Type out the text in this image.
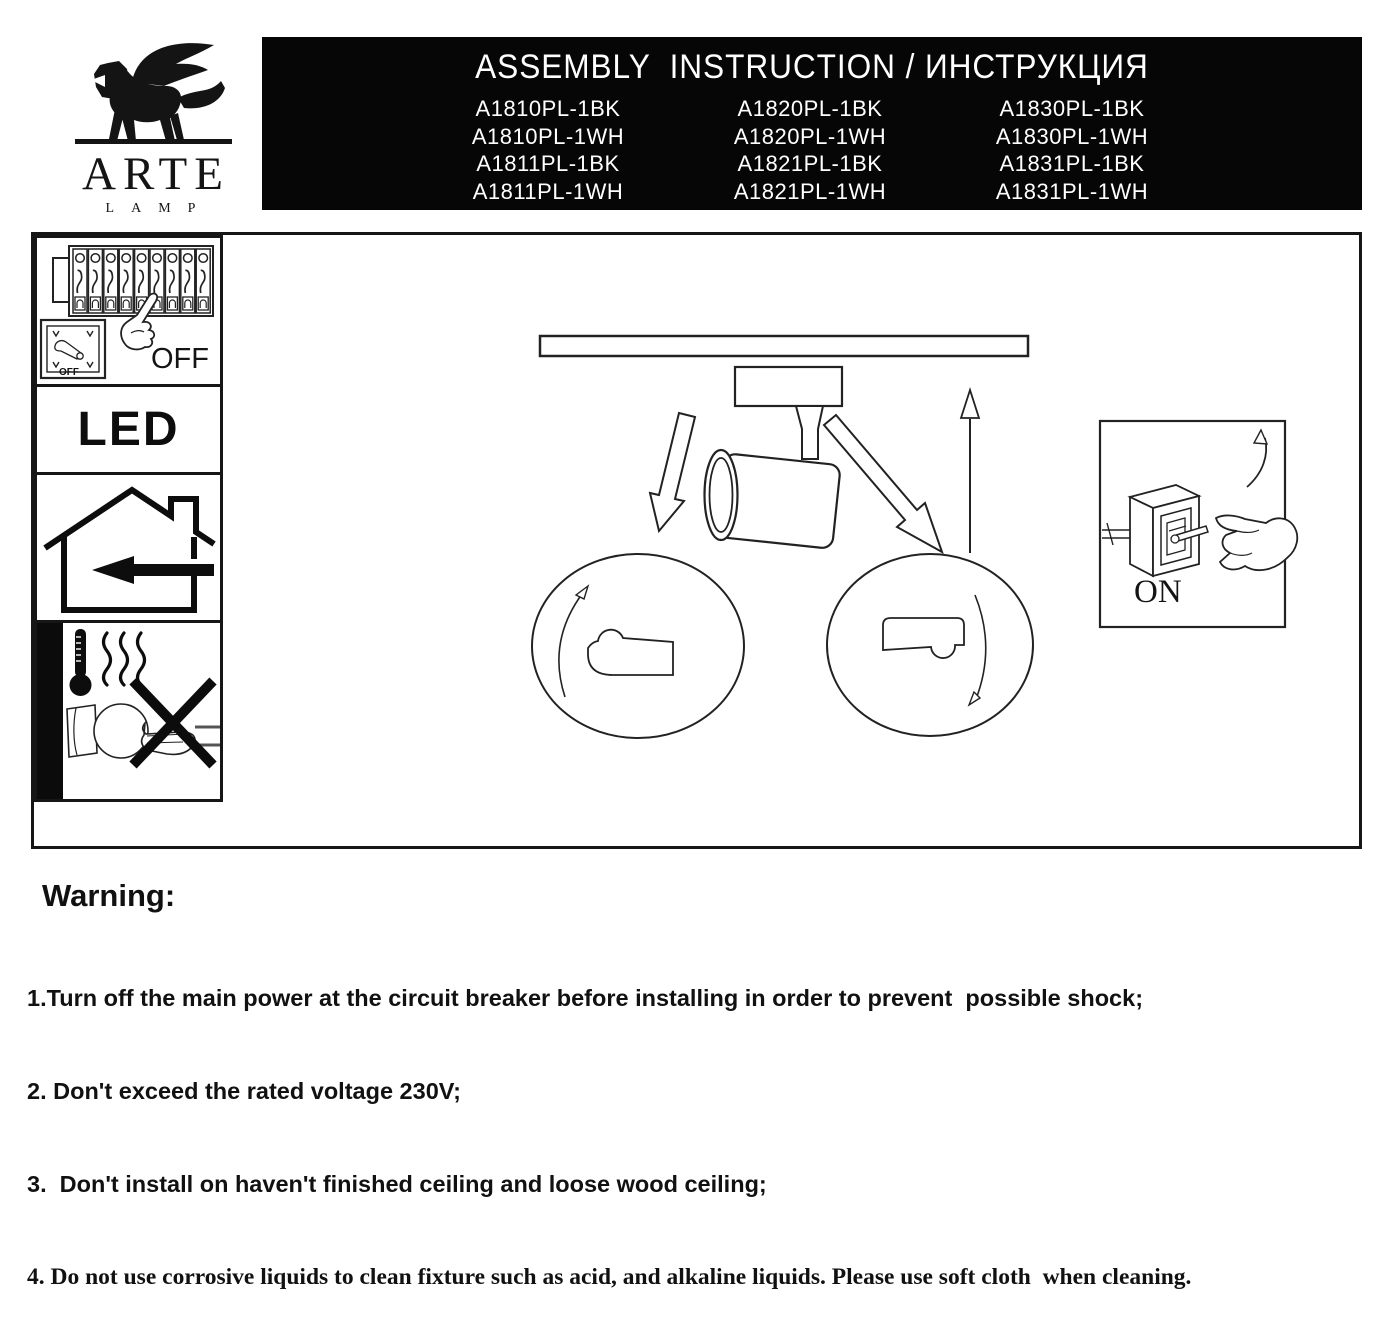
ARTE
LAMP
ASSEMBLY  INSTRUCTION / ИНСТРУКЦИЯ
A1810PL-1BK	A1820PL-1BK	A1830PL-1BK
A1810PL-1WH	A1820PL-1WH	A1830PL-1WH
A1811PL-1BK	A1821PL-1BK	A1831PL-1BK
A1811PL-1WH	A1821PL-1WH	A1831PL-1WH
ON
OFF OFF
LED
Warning:

1.Turn off the main power at the circuit breaker before installing in order to prevent  possible shock;

2. Don't exceed the rated voltage 230V;

3.  Don't install on haven't finished ceiling and loose wood ceiling;

4. Do not use corrosive liquids to clean fixture such as acid, and alkaline liquids. Please use soft cloth  when cleaning.
